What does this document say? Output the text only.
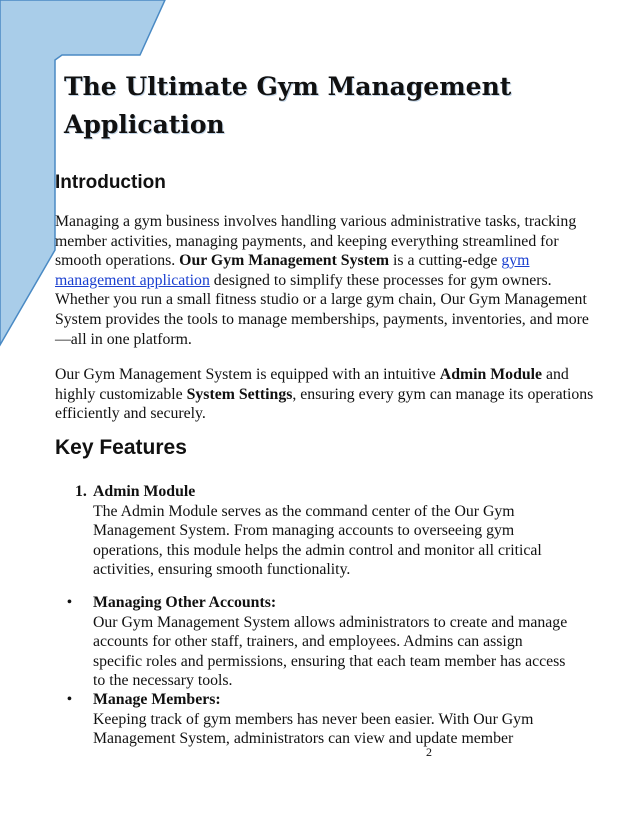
The Ultimate Gym Management Application
Introduction

Managing a gym business involves handling various administrative tasks, tracking member activities, managing payments, and keeping everything streamlined for smooth operations. Our Gym Management System is a cutting-edge gym management application designed to simplify these processes for gym owners. Whether you run a small fitness studio or a large gym chain, Our Gym Management System provides the tools to manage memberships, payments, inventories, and more—all in one platform.

Our Gym Management System is equipped with an intuitive Admin Module and highly customizable System Settings, ensuring every gym can manage its operations efficiently and securely.

Key Features
1. Admin Module
The Admin Module serves as the command center of the Our Gym Management System. From managing accounts to overseeing gym operations, this module helps the admin control and monitor all critical activities, ensuring smooth functionality.
• Managing Other Accounts:
Our Gym Management System allows administrators to create and manage accounts for other staff, trainers, and employees. Admins can assign specific roles and permissions, ensuring that each team member has access to the necessary tools.
• Manage Members:
Keeping track of gym members has never been easier. With Our Gym Management System, administrators can view and update member
2
